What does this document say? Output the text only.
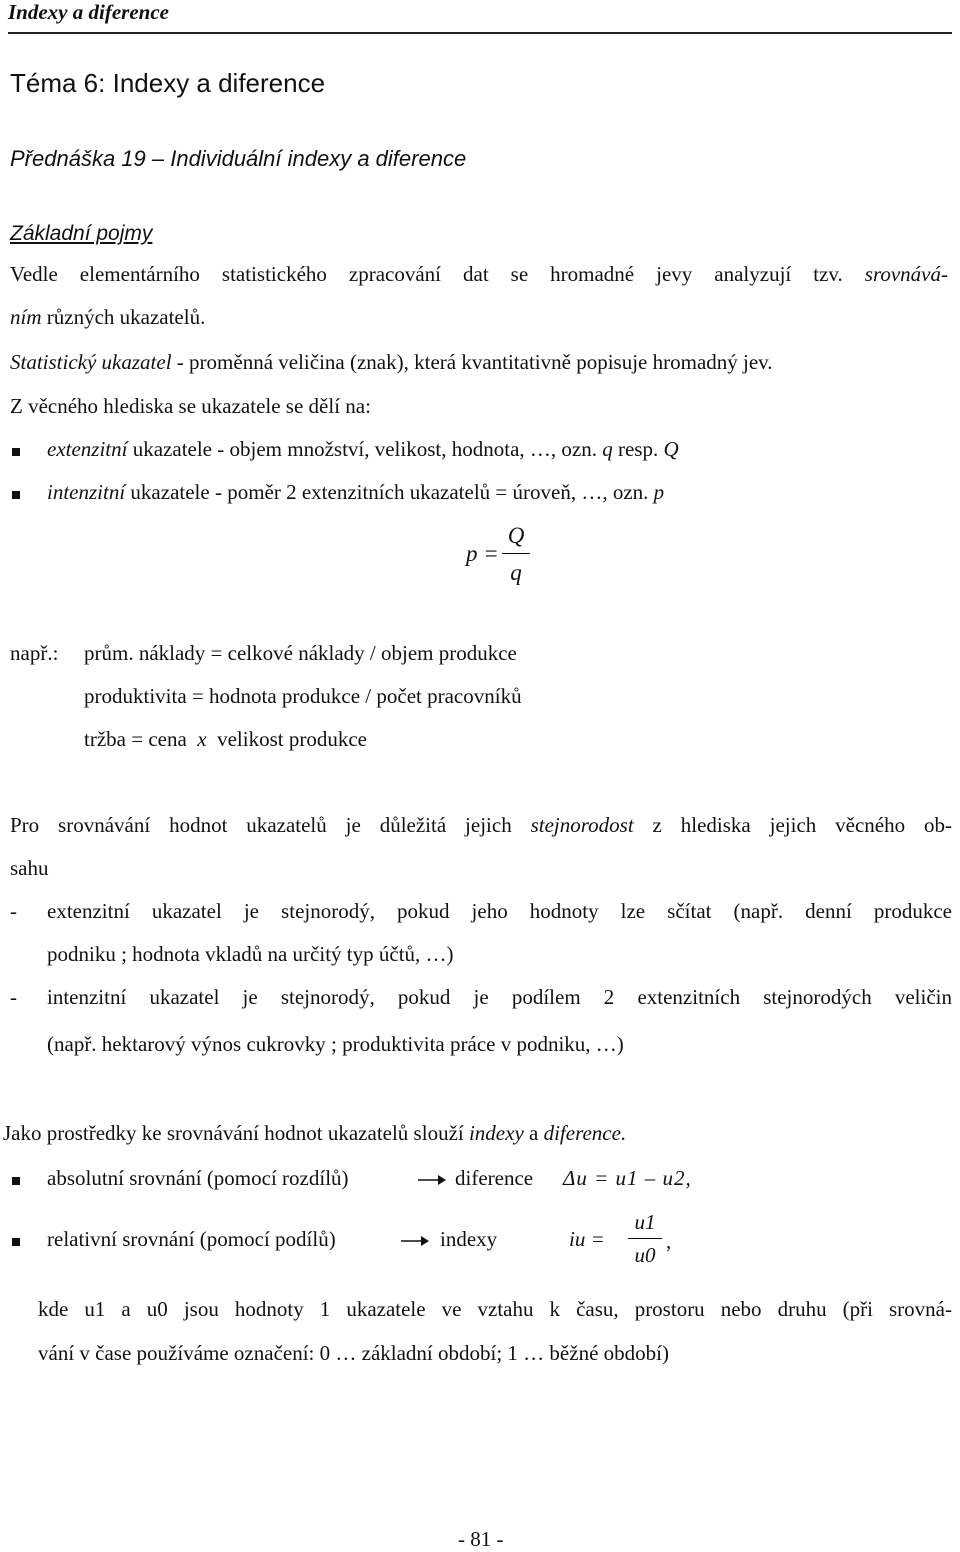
Indexy a diference
Téma 6: Indexy a diference
Přednáška 19 – Individuální indexy a diference
Základní pojmy
Vedle elementárního statistického zpracování dat se hromadné jevy analyzují tzv. srovnává-
ním různých ukazatelů.
Statistický ukazatel - proměnná veličina (znak), která kvantitativně popisuje hromadný jev.
Z věcného hlediska se ukazatele se dělí na:
extenzitní ukazatele - objem množství, velikost, hodnota, …, ozn. q resp. Q
intenzitní ukazatele - poměr 2 extenzitních ukazatelů = úroveň, …, ozn. p
p =
Q
q
např.: prům. náklady = celkové náklady / objem produkce
produktivita = hodnota produkce / počet pracovníků
tržba = cena x velikost produkce
Pro srovnávání hodnot ukazatelů je důležitá jejich stejnorodost z hlediska jejich věcného ob-
sahu
- extenzitní ukazatel je stejnorodý, pokud jeho hodnoty lze sčítat (např. denní produkce
podniku ; hodnota vkladů na určitý typ účtů, …)
- intenzitní ukazatel je stejnorodý, pokud je podílem 2 extenzitních stejnorodých veličin
(např. hektarový výnos cukrovky ; produktivita práce v podniku, …)
Jako prostředky ke srovnávání hodnot ukazatelů slouží indexy a diference.
absolutní srovnání (pomocí rozdílů)	diference Δu = u1 – u2,
relativní srovnání (pomocí podílů)	indexy	iu =
u1
u0
,
kde u1 a u0 jsou hodnoty 1 ukazatele ve vztahu k času, prostoru nebo druhu (při srovná-
vání v čase používáme označení: 0 … základní období; 1 … běžné období)
- 81 -
